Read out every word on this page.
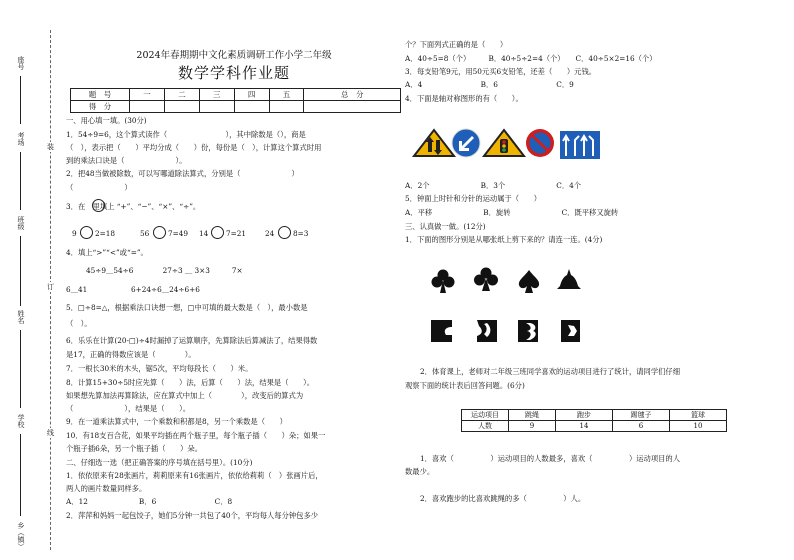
座号
考场
班级
姓名
学校
乡（镇）
装
订
线
2024年春期期中文化素质调研工作小学二年级
数学学科作业题
题　号	一	二	三	四	五	总　分
得　分						
一、用心填一填。(30分)
1．54÷9=6，这个算式读作（　　　　　　　　），其中除数是（），商是
（　），表示把（　　）平均分成（　　）份，每份是（　），计算这个算式时用
到的乘法口诀是（　　　　　　　）。
2．把48当做被除数，可以写哪道除法算式，分别是（　　　　　　　）
（　　　　　　　）
3．在　里填上 “+”、“−”、“×”、“÷”。
9	2=18	56	7=49 14 7=21	24	8=3
4．填上“>”“<”或“=”。
45÷9＿54÷6　　　　27÷3 ＿ 3×3　　　7×
6＿41　　　　　　6+24÷6＿24÷6+6
5．□÷8=△，根据乘法口诀想一想，□中可填的最大数是（　），最小数是
（　）。
6．乐乐在计算(20-□)÷4时漏掉了运算顺序，先算除法后算减法了，结果得数
是17，正确的得数应该是（　　　　）。
7．一根长30米的木头，锯5次，平均每段长（　　）米。
8．计算15+30÷5时应先算（　　）法，后算（　　）法，结果是（　　）。
如果想先算加法再算除法，应在算式中加上（　　　　），改变后的算式为
（　　　　　　　），结果是（　　）。
9．在一道乘法算式中，一个乘数和积都是8，另一个乘数是（　　）
10．有18支百合花，如果平均插在两个瓶子里，每个瓶子插（　　）朵；如果一
个瓶子插6朵，另一个瓶子插（　　）朵。
二、仔细选一选（把正确答案的序号填在括号里）。(10分)
1．依依原来有28张画片，莉莉原来有16张画片，依依给莉莉（　）张画片后，
两人的画片数量同样多。
A．12　　　　　　　B．6　　　　　　　　C．8
2．萍萍和妈妈一起包饺子，她们5分钟一共包了40个，平均每人每分钟包多少
个？下面列式正确的是（　　）
A．40÷5=8（个）　　　B．40÷5÷2=4（个）　　C．40÷5×2=16（个）
3．每支铅笔9元，用50元买6支铅笔，还差（　　）元钱。
A．4　　　　　　　　B．6　　　　　　　　C．9
4．下面是轴对称图形的有（　　）。
A．2个　　　　　　　B．3个　　　　　　　C．4个
5．钟面上时针和分针的运动属于（　　）
A．平移　　　　　　　B．旋转　　　　　　　C．既平移又旋转
三、认真做一做。(12分)
1．下面的图形分别是从哪张纸上剪下来的？请连一连。(4分)
2．体育课上，老师对二年级三班同学喜欢的运动项目进行了统计，请同学们仔细
观察下面的统计表后回答问题。(6分)
运动项目	跳绳	跑步	踢毽子	篮球
人数	9	14	6	10
1．喜欢（　　　　　）运动项目的人数最多，喜欢（　　　　　）运动项目的人
数最少。
2．喜欢跑步的比喜欢跳绳的多（　　　　　）人。
